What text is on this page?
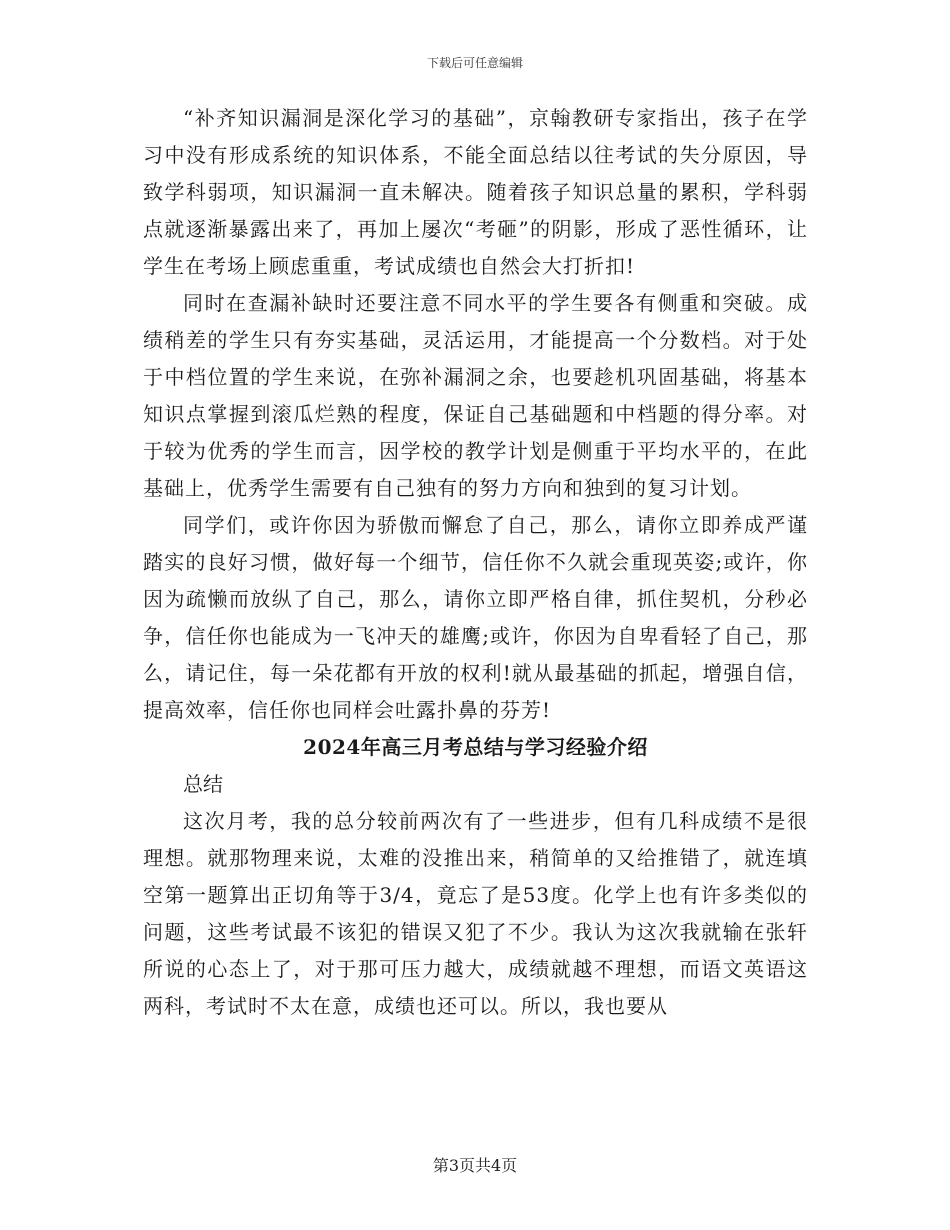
下载后可任意编辑

“补齐知识漏洞是深化学习的基础”，京翰教研专家指出，孩子在学习中没有形成系统的知识体系，不能全面总结以往考试的失分原因，导致学科弱项，知识漏洞一直未解决。随着孩子知识总量的累积，学科弱点就逐渐暴露出来了，再加上屡次“考砸”的阴影，形成了恶性循环，让学生在考场上顾虑重重，考试成绩也自然会大打折扣!

同时在查漏补缺时还要注意不同水平的学生要各有侧重和突破。成绩稍差的学生只有夯实基础，灵活运用，才能提高一个分数档。对于处于中档位置的学生来说，在弥补漏洞之余，也要趁机巩固基础，将基本知识点掌握到滚瓜烂熟的程度，保证自己基础题和中档题的得分率。对于较为优秀的学生而言，因学校的教学计划是侧重于平均水平的，在此基础上，优秀学生需要有自己独有的努力方向和独到的复习计划。

同学们，或许你因为骄傲而懈怠了自己，那么，请你立即养成严谨踏实的良好习惯，做好每一个细节，信任你不久就会重现英姿;或许，你因为疏懒而放纵了自己，那么，请你立即严格自律，抓住契机，分秒必争，信任你也能成为一飞冲天的雄鹰;或许，你因为自卑看轻了自己，那么，请记住，每一朵花都有开放的权利!就从最基础的抓起，增强自信，提高效率，信任你也同样会吐露扑鼻的芬芳!

2024年高三月考总结与学习经验介绍

总结

这次月考，我的总分较前两次有了一些进步，但有几科成绩不是很理想。就那物理来说，太难的没推出来，稍简单的又给推错了，就连填空第一题算出正切角等于3/4，竟忘了是53度。化学上也有许多类似的问题，这些考试最不该犯的错误又犯了不少。我认为这次我就输在张轩所说的心态上了，对于那可压力越大，成绩就越不理想，而语文英语这两科，考试时不太在意，成绩也还可以。所以，我也要从

第3页共4页
